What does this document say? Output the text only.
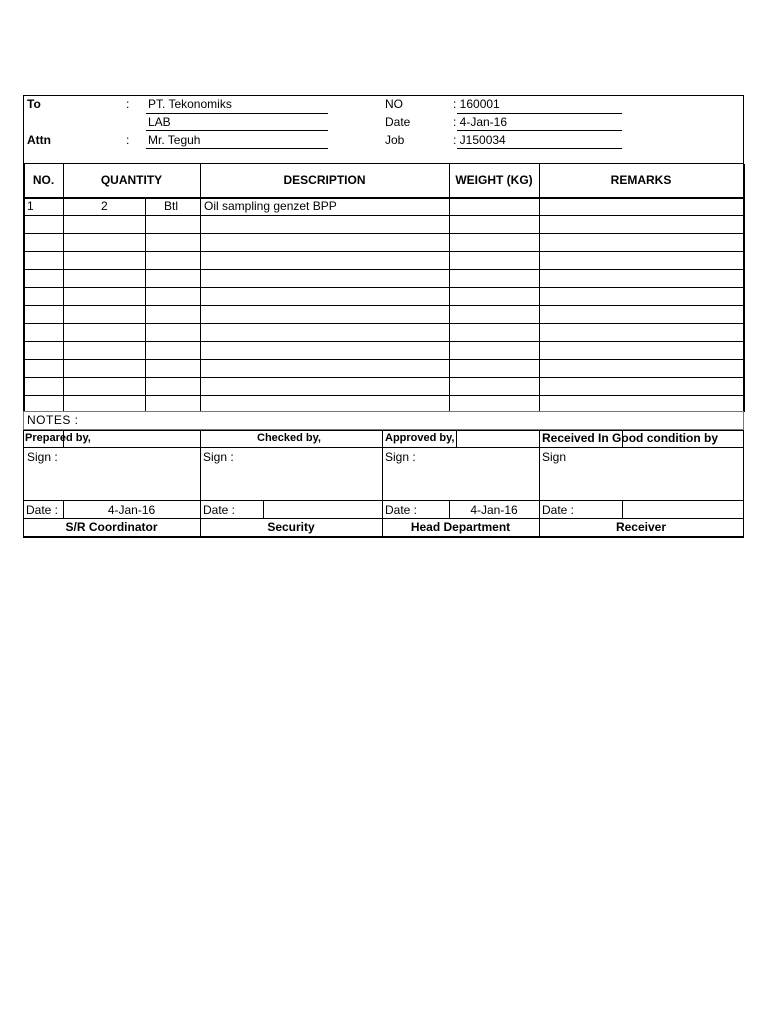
To	: PT. Tekonomiks
LAB
Attn	: Mr. Teguh
NO	: 160001
Date	: 4-Jan-16
Job	: J150034
NO.	QUANTITY	DESCRIPTION	WEIGHT (KG)	REMARKS
1	2	Btl Oil sampling genzet BPP
NOTES :
Prepared by,	Checked by,	Approved by,	Received In Good condition by
Sign :	Sign :	Sign :	Sign
Date :	4-Jan-16	Date :	Date :	4-Jan-16	Date :
S/R Coordinator	Security	Head Department	Receiver
